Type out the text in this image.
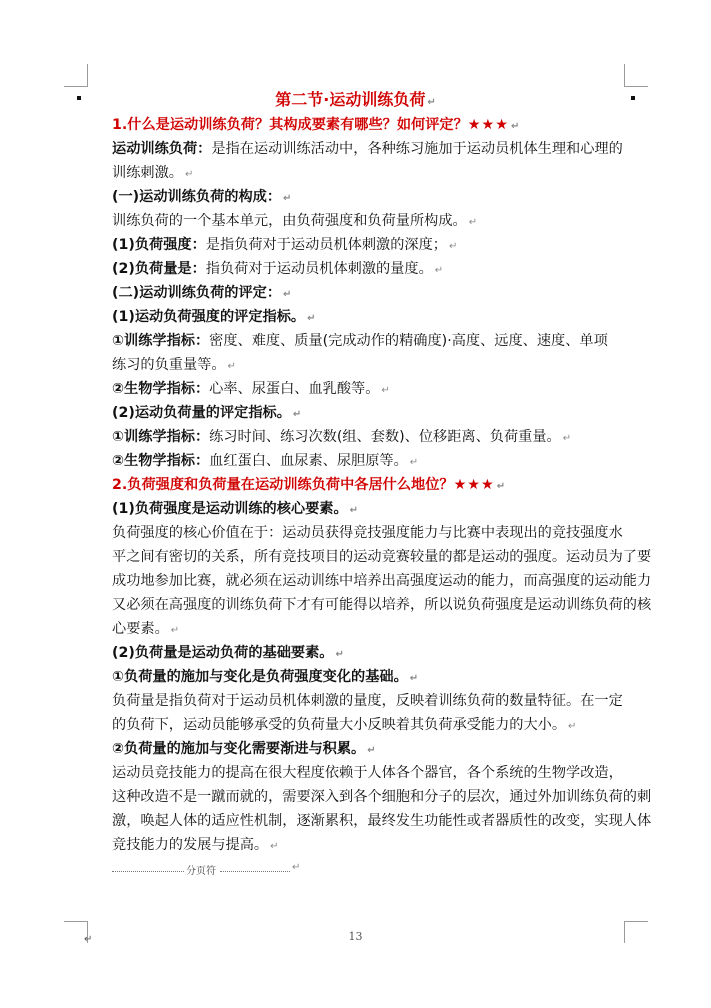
第二节·运动训练负荷 ↵
1.什么是运动训练负荷？其构成要素有哪些？如何评定？★★★ ↵
运动训练负荷：是指在运动训练活动中，各种练习施加于运动员机体生理和心理的
训练刺激。 ↵
(一)运动训练负荷的构成： ↵
训练负荷的一个基本单元，由负荷强度和负荷量所构成。 ↵
(1)负荷强度：是指负荷对于运动员机体刺激的深度； ↵
(2)负荷量是：指负荷对于运动员机体刺激的量度。 ↵
(二)运动训练负荷的评定： ↵
(1)运动负荷强度的评定指标。 ↵
①训练学指标：密度、难度、质量(完成动作的精确度)·高度、远度、速度、单项
练习的负重量等。 ↵
②生物学指标：心率、尿蛋白、血乳酸等。 ↵
(2)运动负荷量的评定指标。 ↵
①训练学指标：练习时间、练习次数(组、套数)、位移距离、负荷重量。 ↵
②生物学指标：血红蛋白、血尿素、尿胆原等。 ↵
2.负荷强度和负荷量在运动训练负荷中各居什么地位？★★★ ↵
(1)负荷强度是运动训练的核心要素。 ↵
负荷强度的核心价值在于：运动员获得竞技强度能力与比赛中表现出的竞技强度水
平之间有密切的关系，所有竞技项目的运动竞赛较量的都是运动的强度。运动员为了要
成功地参加比赛，就必须在运动训练中培养出高强度运动的能力，而高强度的运动能力
又必须在高强度的训练负荷下才有可能得以培养，所以说负荷强度是运动训练负荷的核
心要素。 ↵
(2)负荷量是运动负荷的基础要素。 ↵
①负荷量的施加与变化是负荷强度变化的基础。 ↵
负荷量是指负荷对于运动员机体刺激的量度，反映着训练负荷的数量特征。在一定
的负荷下，运动员能够承受的负荷量大小反映着其负荷承受能力的大小。 ↵
②负荷量的施加与变化需要渐进与积累。 ↵
运动员竞技能力的提高在很大程度依赖于人体各个器官，各个系统的生物学改造，
这种改造不是一蹴而就的，需要深入到各个细胞和分子的层次，通过外加训练负荷的刺
激，唤起人体的适应性机制，逐渐累积，最终发生功能性或者器质性的改变，实现人体
竞技能力的发展与提高。 ↵
分页符	↵
13
↵
